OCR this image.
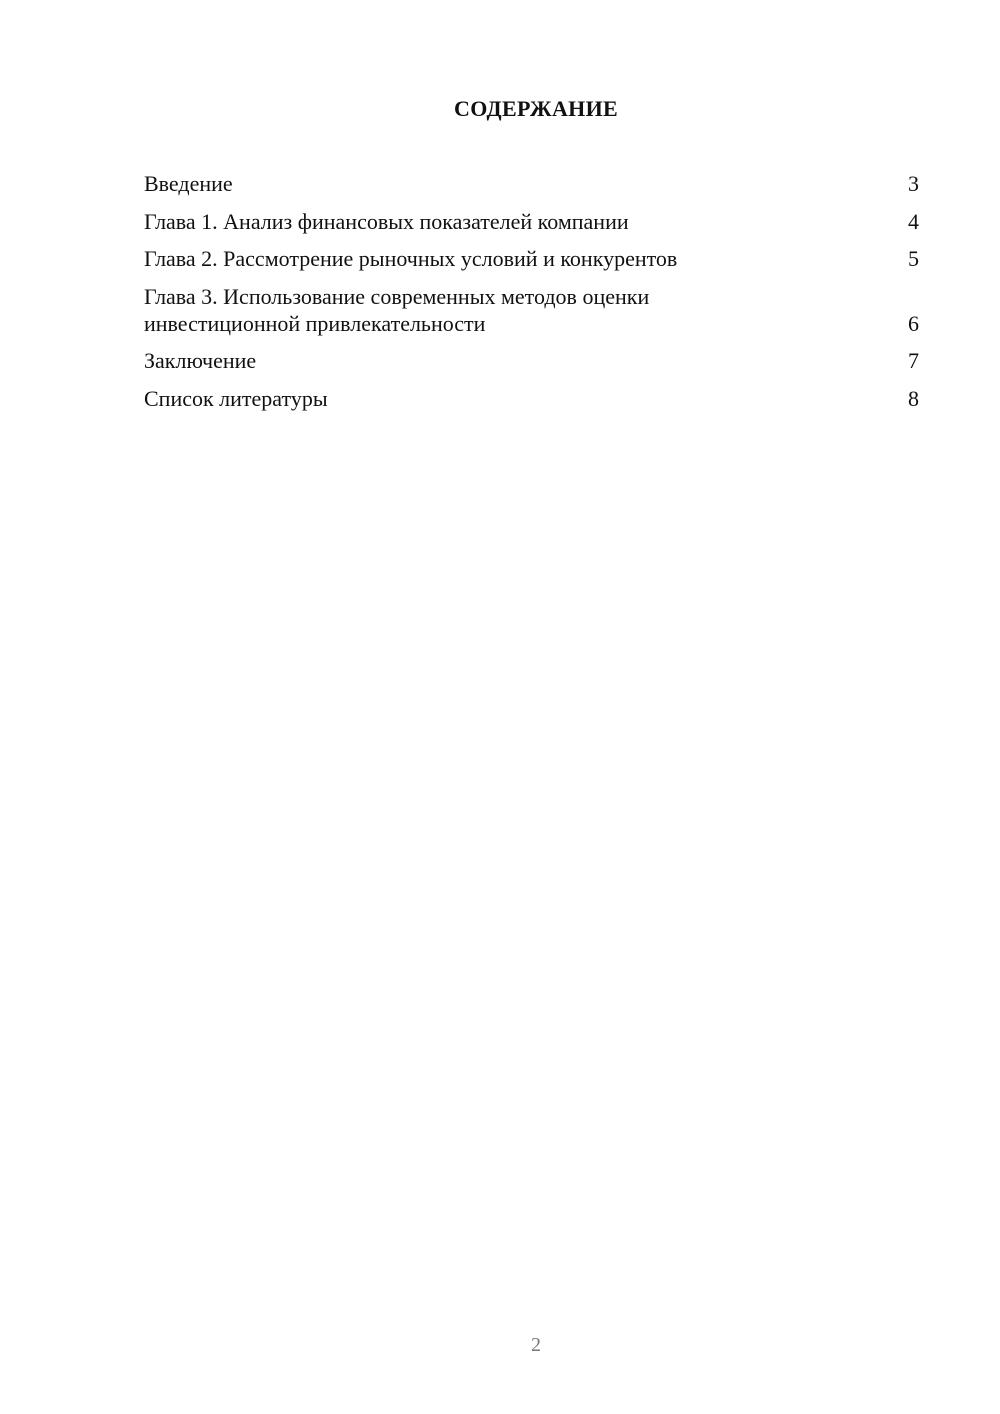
СОДЕРЖАНИЕ
Введение	3
Глава 1. Анализ финансовых показателей компании	4
Глава 2. Рассмотрение рыночных условий и конкурентов	5
Глава 3. Использование современных методов оценки инвестиционной привлекательности	6
Заключение	7
Список литературы	8
2
